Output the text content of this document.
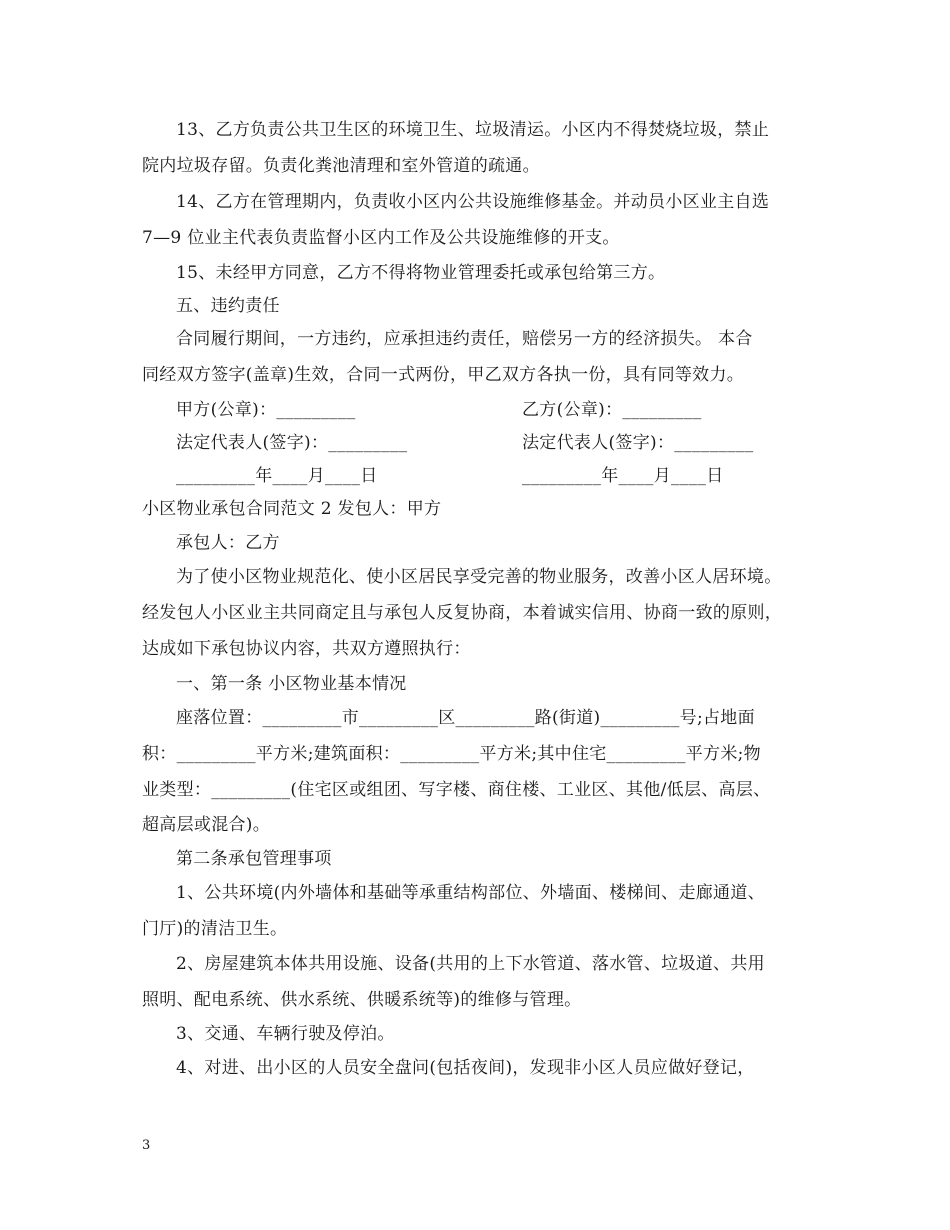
13、乙方负责公共卫生区的环境卫生、垃圾清运。小区内不得焚烧垃圾，禁止
院内垃圾存留。负责化粪池清理和室外管道的疏通。
14、乙方在管理期内，负责收小区内公共设施维修基金。并动员小区业主自选
7—9 位业主代表负责监督小区内工作及公共设施维修的开支。
15、未经甲方同意，乙方不得将物业管理委托或承包给第三方。
五、违约责任
合同履行期间，一方违约，应承担违约责任，赔偿另一方的经济损失。 本合
同经双方签字(盖章)生效，合同一式两份，甲乙双方各执一份，具有同等效力。
甲方(公章)：_________	乙方(公章)：_________
法定代表人(签字)：_________	法定代表人(签字)：_________
_________年____月____日	_________年____月____日
小区物业承包合同范文 2 发包人：甲方
承包人：乙方
为了使小区物业规范化、使小区居民享受完善的物业服务，改善小区人居环境。
经发包人小区业主共同商定且与承包人反复协商，本着诚实信用、协商一致的原则，
达成如下承包协议内容，共双方遵照执行：
一、第一条 小区物业基本情况
座落位置：_________市_________区_________路(街道)_________号;占地面
积：_________平方米;建筑面积：_________平方米;其中住宅_________平方米;物
业类型：_________(住宅区或组团、写字楼、商住楼、工业区、其他/低层、高层、
超高层或混合)。
第二条承包管理事项
1、公共环境(内外墙体和基础等承重结构部位、外墙面、楼梯间、走廊通道、
门厅)的清洁卫生。
2、房屋建筑本体共用设施、设备(共用的上下水管道、落水管、垃圾道、共用
照明、配电系统、供水系统、供暖系统等)的维修与管理。
3、交通、车辆行驶及停泊。
4、对进、出小区的人员安全盘问(包括夜间)，发现非小区人员应做好登记，
3
